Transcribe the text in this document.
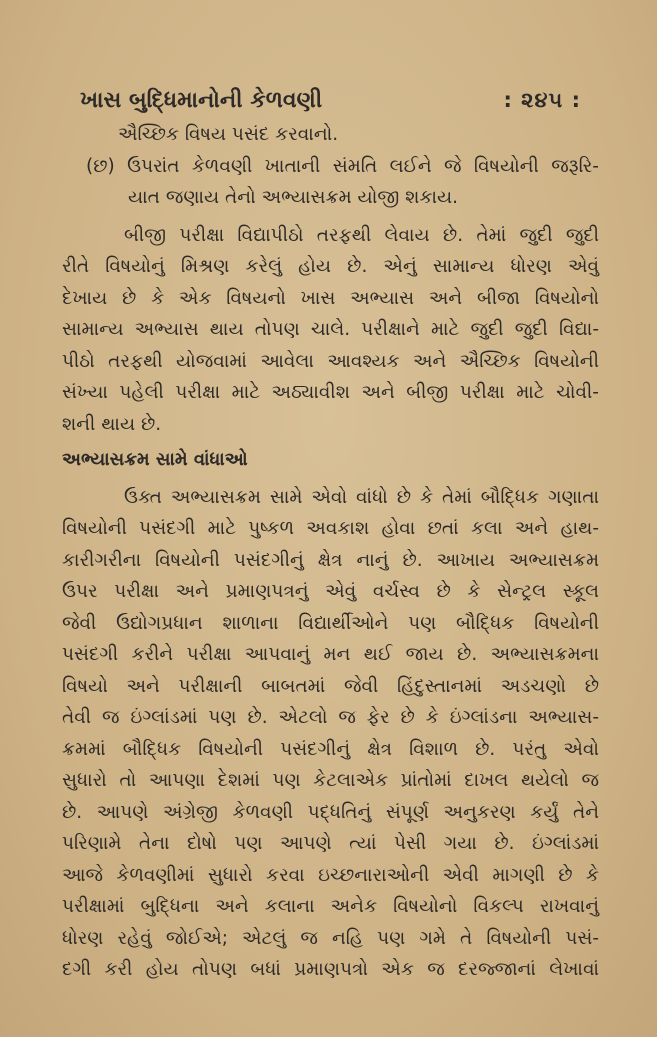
ખાસ બુદ્ધિમાનોની કેળવણી	: ૨૪૫ :
ઐચ્છિક વિષય પસંદ કરવાનો.
(છ) ઉપરાંત કેળવણી ખાતાની સંમતિ લઈને જે વિષયોની જરૂરિ-
યાત જણાય તેનો અભ્યાસક્રમ યોજી શકાય.
બીજી પરીક્ષા વિદ્યાપીઠો તરફથી લેવાય છે. તેમાં જુદી જુદી
રીતે વિષયોનું મિશ્રણ કરેલું હોય છે. એનું સામાન્ય ધોરણ એવું
દેખાય છે કે એક વિષયનો ખાસ અભ્યાસ અને બીજા વિષયોનો
સામાન્ય અભ્યાસ થાય તોપણ ચાલે. પરીક્ષાને માટે જુદી જુદી વિદ્યા-
પીઠો તરફથી યોજવામાં આવેલા આવશ્યક અને ઐચ્છિક વિષયોની
સંખ્યા પહેલી પરીક્ષા માટે અઠ્યાવીશ અને બીજી પરીક્ષા માટે ચોવી-
શની થાય છે.
અભ્યાસક્રમ સામે વાંધાઓ
ઉક્ત અભ્યાસક્રમ સામે એવો વાંધો છે કે તેમાં બૌદ્ધિક ગણાતા
વિષયોની પસંદગી માટે પુષ્કળ અવકાશ હોવા છતાં કલા અને હાથ-
કારીગરીના વિષયોની પસંદગીનું ક્ષેત્ર નાનું છે. આખાય અભ્યાસક્રમ
ઉપર પરીક્ષા અને પ્રમાણપત્રનું એવું વર્ચસ્વ છે કે સેન્ટ્રલ સ્કૂલ
જેવી ઉદ્યોગપ્રધાન શાળાના વિદ્યાર્થીઓને પણ બૌદ્ધિક વિષયોની
પસંદગી કરીને પરીક્ષા આપવાનું મન થઈ જાય છે. અભ્યાસક્રમના
વિષયો અને પરીક્ષાની બાબતમાં જેવી હિંદુસ્તાનમાં અડચણો છે
તેવી જ ઇંગ્લાંડમાં પણ છે. એટલો જ ફેર છે કે ઇંગ્લાંડના અભ્યાસ-
ક્રમમાં બૌદ્ધિક વિષયોની પસંદગીનું ક્ષેત્ર વિશાળ છે. પરંતુ એવો
સુધારો તો આપણા દેશમાં પણ કેટલાએક પ્રાંતોમાં દાખલ થયેલો જ
છે. આપણે અંગ્રેજી કેળવણી પદ્ધતિનું સંપૂર્ણ અનુકરણ કર્યું તેને
પરિણામે તેના દોષો પણ આપણે ત્યાં પેસી ગયા છે. ઇંગ્લાંડમાં
આજે કેળવણીમાં સુધારો કરવા ઇચ્છનારાઓની એવી માગણી છે કે
પરીક્ષામાં બુદ્ધિના અને કલાના અનેક વિષયોનો વિકલ્પ રાખવાનું
ધોરણ રહેવું જોઈએ; એટલું જ નહિ પણ ગમે તે વિષયોની પસં-
દગી કરી હોય તોપણ બધાં પ્રમાણપત્રો એક જ દરજ્જાનાં લેખાવાં
